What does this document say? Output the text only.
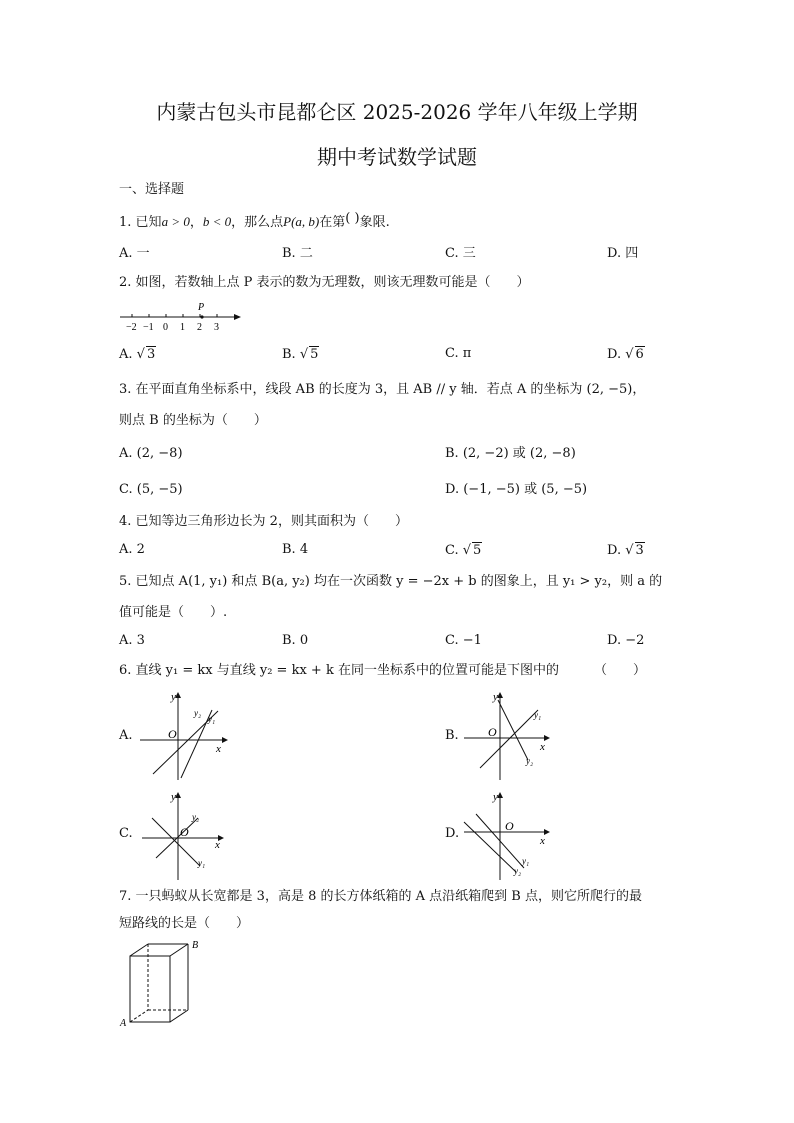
内蒙古包头市昆都仑区 2025-2026 学年八年级上学期
期中考试数学试题
一、选择题
1. 已知a > 0，b < 0，那么点P(a, b)在第( )象限.
A. 一	B. 二	C. 三	D. 四
2. 如图，若数轴上点 P 表示的数为无理数，则该无理数可能是（　　）
P
−2 −1 0 1 2 3
A. √ 3	B. √ 5	C. π	D. √ 6
3. 在平面直角坐标系中，线段 AB 的长度为 3，且 AB // y 轴．若点 A 的坐标为 (2, −5)，
则点 B 的坐标为（　　）
A. (2, −8)	B. (2, −2) 或 (2, −8)
C. (5, −5)	D. (−1, −5) 或 (5, −5)
4. 已知等边三角形边长为 2，则其面积为（　　）
A. 2	B. 4	C. √ 5	D. √ 3
5. 已知点 A(1, y₁) 和点 B(a, y₂) 均在一次函数 y = −2x + b 的图象上，且 y₁ > y₂，则 a 的
值可能是（　　）.
A. 3	B. 0	C. −1	D. −2
6. 直线 y₁ = kx 与直线 y₂ = kx + k 在同一坐标系中的位置可能是下图中的	（　　）
A.	B.
C.	D.
y
x
O
y₂
y₁
y
x
O
y₁
y₂
y
x
O
y₂
y₁
y
x
O
y₁
y₂
7. 一只蚂蚁从长宽都是 3，高是 8 的长方体纸箱的 A 点沿纸箱爬到 B 点，则它所爬行的最
短路线的长是（　　）
B
A
